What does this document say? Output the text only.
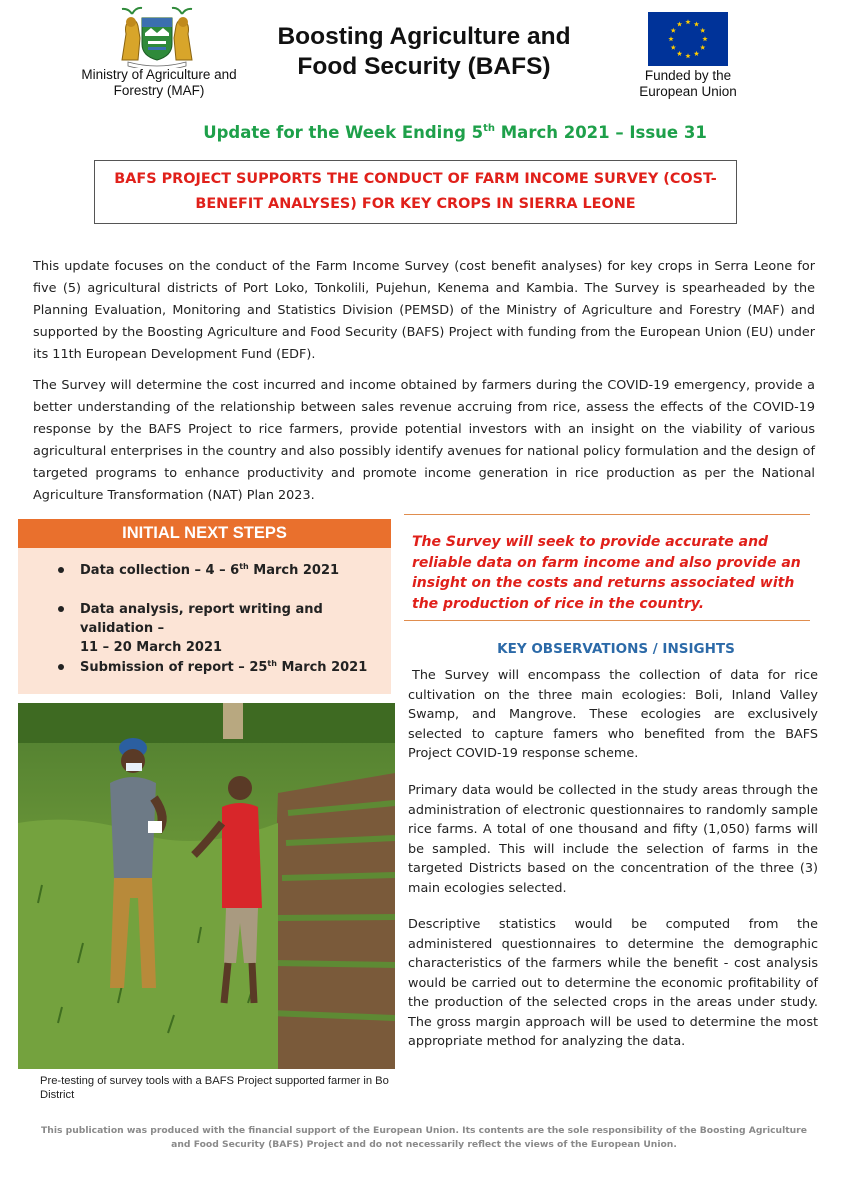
Ministry of Agriculture and Forestry (MAF)
Boosting Agriculture and
Food Security (BAFS)	Funded by the
European Union
Update for the Week Ending 5th March 2021 – Issue 31
BAFS PROJECT SUPPORTS THE CONDUCT OF FARM INCOME SURVEY (COST-
BENEFIT ANALYSES) FOR KEY CROPS IN SIERRA LEONE

This update focuses on the conduct of the Farm Income Survey (cost benefit analyses) for key crops in Serra Leone for five (5) agricultural districts of Port Loko, Tonkolili, Pujehun, Kenema and Kambia. The Survey is spearheaded by the Planning Evaluation, Monitoring and Statistics Division (PEMSD) of the Ministry of Agriculture and Forestry (MAF) and supported by the Boosting Agriculture and Food Security (BAFS) Project with funding from the European Union (EU) under its 11th European Development Fund (EDF).

The Survey will determine the cost incurred and income obtained by farmers during the COVID-19 emergency, provide a better understanding of the relationship between sales revenue accruing from rice, assess the effects of the COVID-19 response by the BAFS Project to rice farmers, provide potential investors with an insight on the viability of various agricultural enterprises in the country and also possibly identify avenues for national policy formulation and the design of targeted programs to enhance productivity and promote income generation in rice production as per the National Agriculture Transformation (NAT) Plan 2023.

INITIAL NEXT STEPS
Data collection – 4 – 6th March 2021
Data analysis, report writing and validation –
11 – 20 March 2021
Submission of report – 25th March 2021

The Survey will seek to provide accurate and reliable data on farm income and also provide an insight on the costs and returns associated with the production of rice in the country.

KEY OBSERVATIONS / INSIGHTS

The Survey will encompass the collection of data for rice cultivation on the three main ecologies: Boli, Inland Valley Swamp, and Mangrove. These ecologies are exclusively selected to capture famers who benefited from the BAFS Project COVID-19 response scheme.

Primary data would be collected in the study areas through the administration of electronic questionnaires to randomly sample rice farms. A total of one thousand and fifty (1,050) farms will be sampled. This will include the selection of farms in the targeted Districts based on the concentration of the three (3) main ecologies selected.

Descriptive statistics would be computed from the administered questionnaires to determine the demographic characteristics of the farmers while the benefit - cost analysis would be carried out to determine the economic profitability of the production of the selected crops in the areas under study. The gross margin approach will be used to determine the most appropriate method for analyzing the data.

Pre-testing of survey tools with a BAFS Project supported farmer in Bo District
This publication was produced with the financial support of the European Union. Its contents are the sole responsibility of the Boosting Agriculture and Food Security (BAFS) Project and do not necessarily reflect the views of the European Union.
